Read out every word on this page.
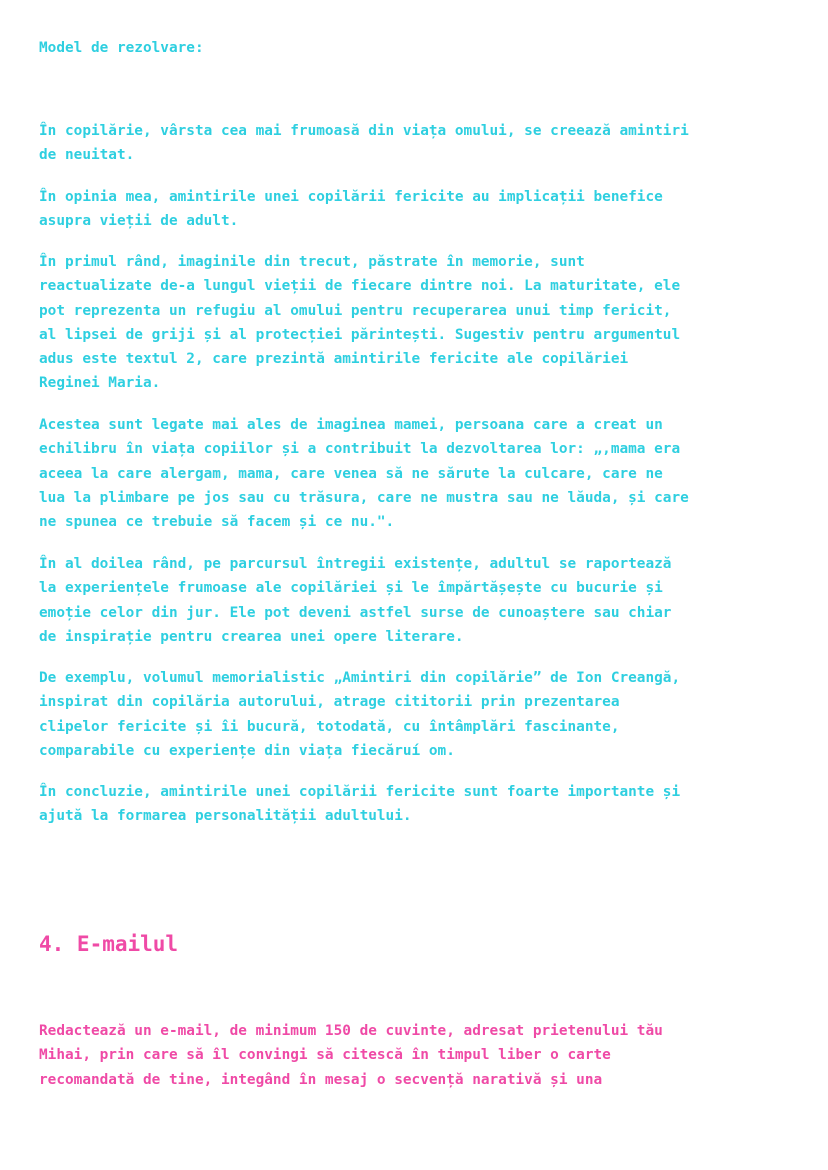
Model de rezolvare:

În copilărie, vârsta cea mai frumoasă din viața omului, se creează amintiri
de neuitat.

În opinia mea, amintirile unei copilării fericite au implicații benefice
asupra vieții de adult.

În primul rând, imaginile din trecut, păstrate în memorie, sunt
reactualizate de-a lungul vieții de fiecare dintre noi. La maturitate, ele
pot reprezenta un refugiu al omului pentru recuperarea unui timp fericit,
al lipsei de griji și al protecției părintești. Sugestiv pentru argumentul
adus este textul 2, care prezintă amintirile fericite ale copilăriei
Reginei Maria.

Acestea sunt legate mai ales de imaginea mamei, persoana care a creat un
echilibru în viața copiilor și a contribuit la dezvoltarea lor: „,mama era
aceea la care alergam, mama, care venea să ne sărute la culcare, care ne
lua la plimbare pe jos sau cu trăsura, care ne mustra sau ne lăuda, și care
ne spunea ce trebuie să facem și ce nu.".

În al doilea rând, pe parcursul întregii existențe, adultul se raportează
la experiențele frumoase ale copilăriei și le împărtășește cu bucurie și
emoție celor din jur. Ele pot deveni astfel surse de cunoaștere sau chiar
de inspirație pentru crearea unei opere literare.

De exemplu, volumul memorialistic „Amintiri din copilărie” de Ion Creangă,
inspirat din copilăria autorului, atrage cititorii prin prezentarea
clipelor fericite și îi bucură, totodată, cu întâmplări fascinante,
comparabile cu experiențe din viața fiecăruí om.

În concluzie, amintirile unei copilării fericite sunt foarte importante și
ajută la formarea personalității adultului.

4. E-mailul

Redactează un e-mail, de minimum 150 de cuvinte, adresat prietenului tău
Mihai, prin care să îl convingi să citescă în timpul liber o carte
recomandată de tine, integând în mesaj o secvență narativă și una
